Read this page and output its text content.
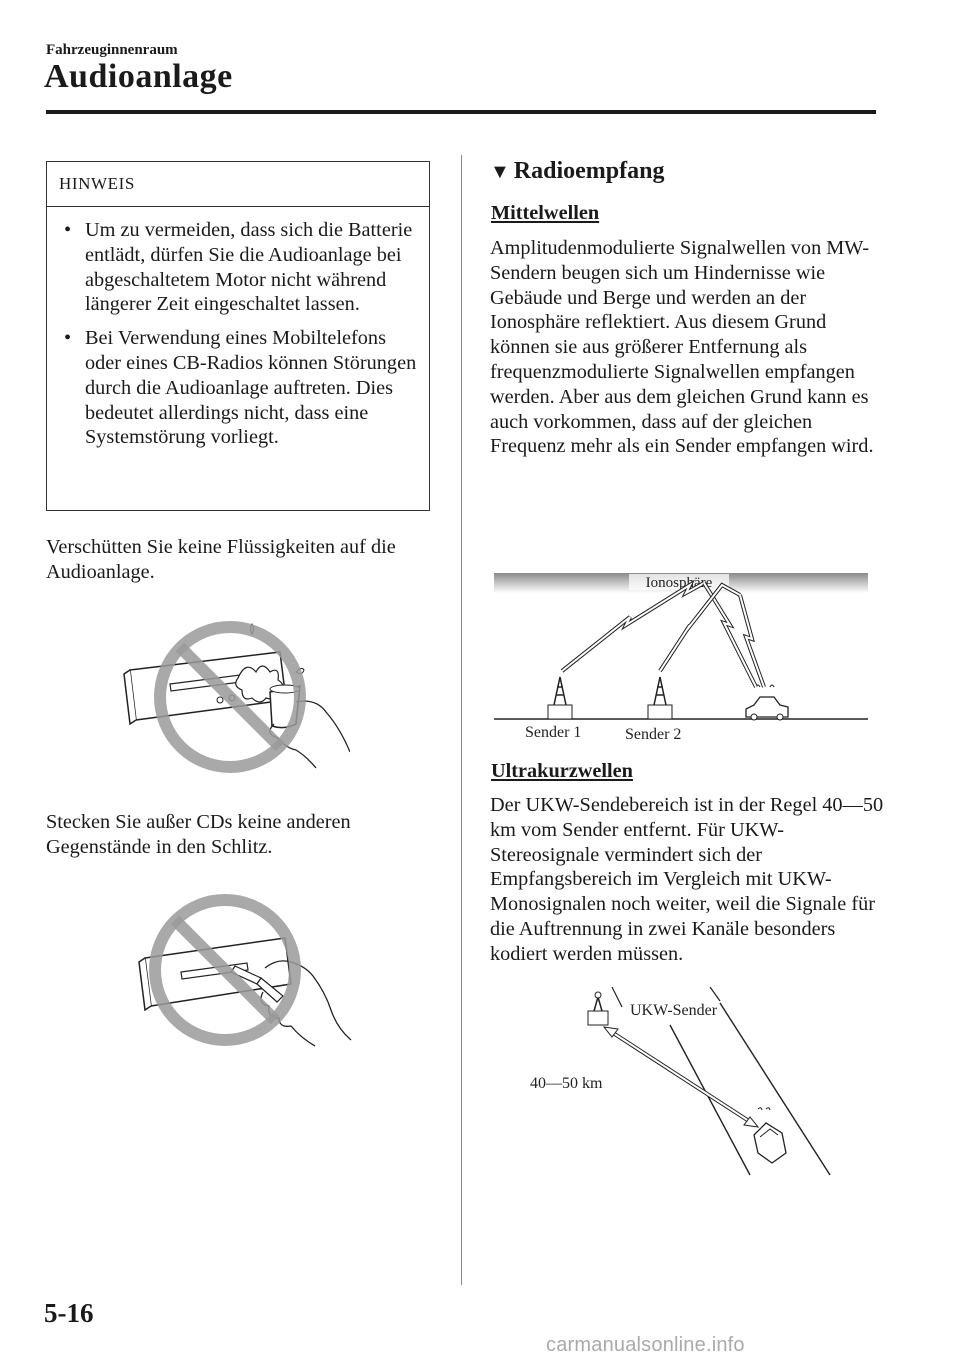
Fahrzeuginnenraum
Audioanlage
HINWEIS
• Um zu vermeiden, dass sich die Batterie entlädt, dürfen Sie die Audioanlage bei abgeschaltetem Motor nicht während längerer Zeit eingeschaltet lassen.
• Bei Verwendung eines Mobiltelefons oder eines CB-Radios können Störungen durch die Audioanlage auftreten. Dies bedeutet allerdings nicht, dass eine Systemstörung vorliegt.
Verschütten Sie keine Flüssigkeiten auf die Audioanlage.
Stecken Sie außer CDs keine anderen Gegenstände in den Schlitz.
▼ Radioempfang
Mittelwellen
Amplitudenmodulierte Signalwellen von MW-Sendern beugen sich um Hindernisse wie Gebäude und Berge und werden an der Ionosphäre reflektiert. Aus diesem Grund können sie aus größerer Entfernung als frequenzmodulierte Signalwellen empfangen werden. Aber aus dem gleichen Grund kann es auch vorkommen, dass auf der gleichen Frequenz mehr als ein Sender empfangen wird.
Ionosphäre
Sender 1	Sender 2
Ultrakurzwellen
Der UKW-Sendebereich ist in der Regel 40―50 km vom Sender entfernt. Für UKW-Stereosignale vermindert sich der Empfangsbereich im Vergleich mit UKW-Monosignalen noch weiter, weil die Signale für die Auftrennung in zwei Kanäle besonders kodiert werden müssen.
UKW-Sender
40―50 km
5-16
carmanualsonline.info
